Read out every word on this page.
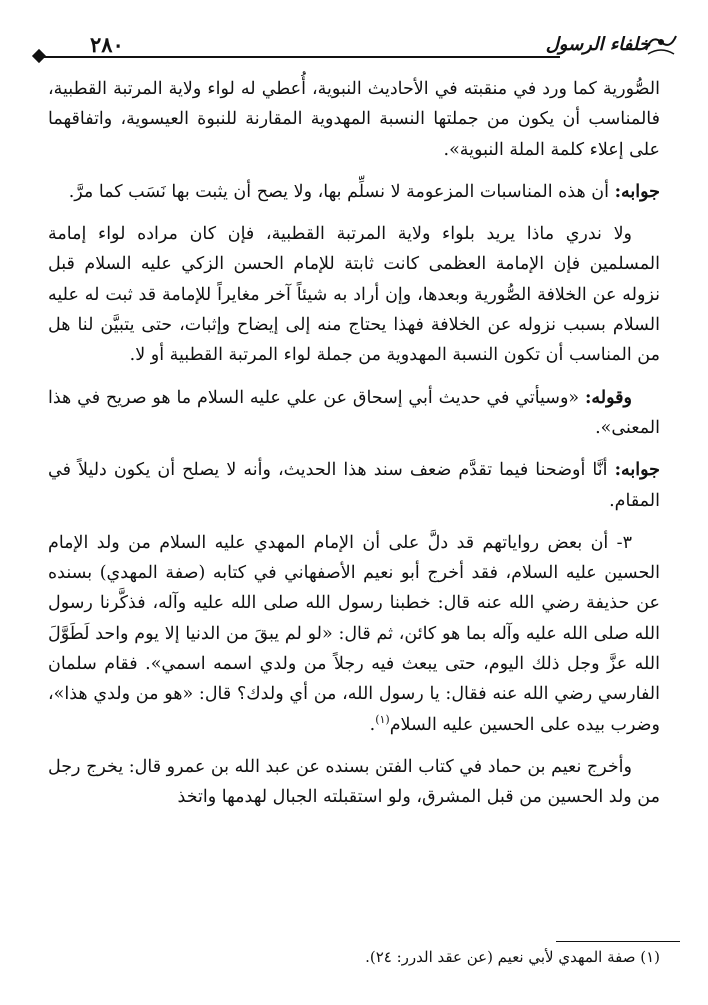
٢٨٠	خلفاء الرسول

الصُّورية كما ورد في منقبته في الأحاديث النبوية، أُعطي له لواء ولاية المرتبة القطبية، فالمناسب أن يكون من جملتها النسبة المهدوية المقارنة للنبوة العيسوية، واتفاقهما على إعلاء كلمة الملة النبوية».

جوابه: أن هذه المناسبات المزعومة لا نسلِّم بها، ولا يصح أن يثبت بها نَسَب كما مرَّ.

ولا ندري ماذا يريد بلواء ولاية المرتبة القطبية، فإن كان مراده لواء إمامة المسلمين فإن الإمامة العظمى كانت ثابتة للإمام الحسن الزكي عليه السلام قبل نزوله عن الخلافة الصُّورية وبعدها، وإن أراد به شيئاً آخر مغايراً للإمامة قد ثبت له عليه السلام بسبب نزوله عن الخلافة فهذا يحتاج منه إلى إيضاح وإثبات، حتى يتبيَّن لنا هل من المناسب أن تكون النسبة المهدوية من جملة لواء المرتبة القطبية أو لا.

وقوله: «وسيأتي في حديث أبي إسحاق عن علي عليه السلام ما هو صريح في هذا المعنى».

جوابه: أنَّا أوضحنا فيما تقدَّم ضعف سند هذا الحديث، وأنه لا يصلح أن يكون دليلاً في المقام.

٣- أن بعض رواياتهم قد دلَّ على أن الإمام المهدي عليه السلام من ولد الإمام الحسين عليه السلام، فقد أخرج أبو نعيم الأصفهاني في كتابه (صفة المهدي) بسنده عن حذيفة رضي الله عنه قال: خطبنا رسول الله صلى الله عليه وآله، فذكَّرنا رسول الله صلى الله عليه وآله بما هو كائن، ثم قال: «لو لم يبقَ من الدنيا إلا يوم واحد لَطَوَّلَ الله عزَّ وجل ذلك اليوم، حتى يبعث فيه رجلاً من ولدي اسمه اسمي». فقام سلمان الفارسي رضي الله عنه فقال: يا رسول الله، من أي ولدك؟ قال: «هو من ولدي هذا»، وضرب بيده على الحسين عليه السلام$^{(١)}$.

وأخرج نعيم بن حماد في كتاب الفتن بسنده عن عبد الله بن عمرو قال: يخرج رجل من ولد الحسين من قبل المشرق، ولو استقبلته الجبال لهدمها واتخذ

(١) صفة المهدي لأبي نعيم (عن عقد الدرر: ٢٤).
